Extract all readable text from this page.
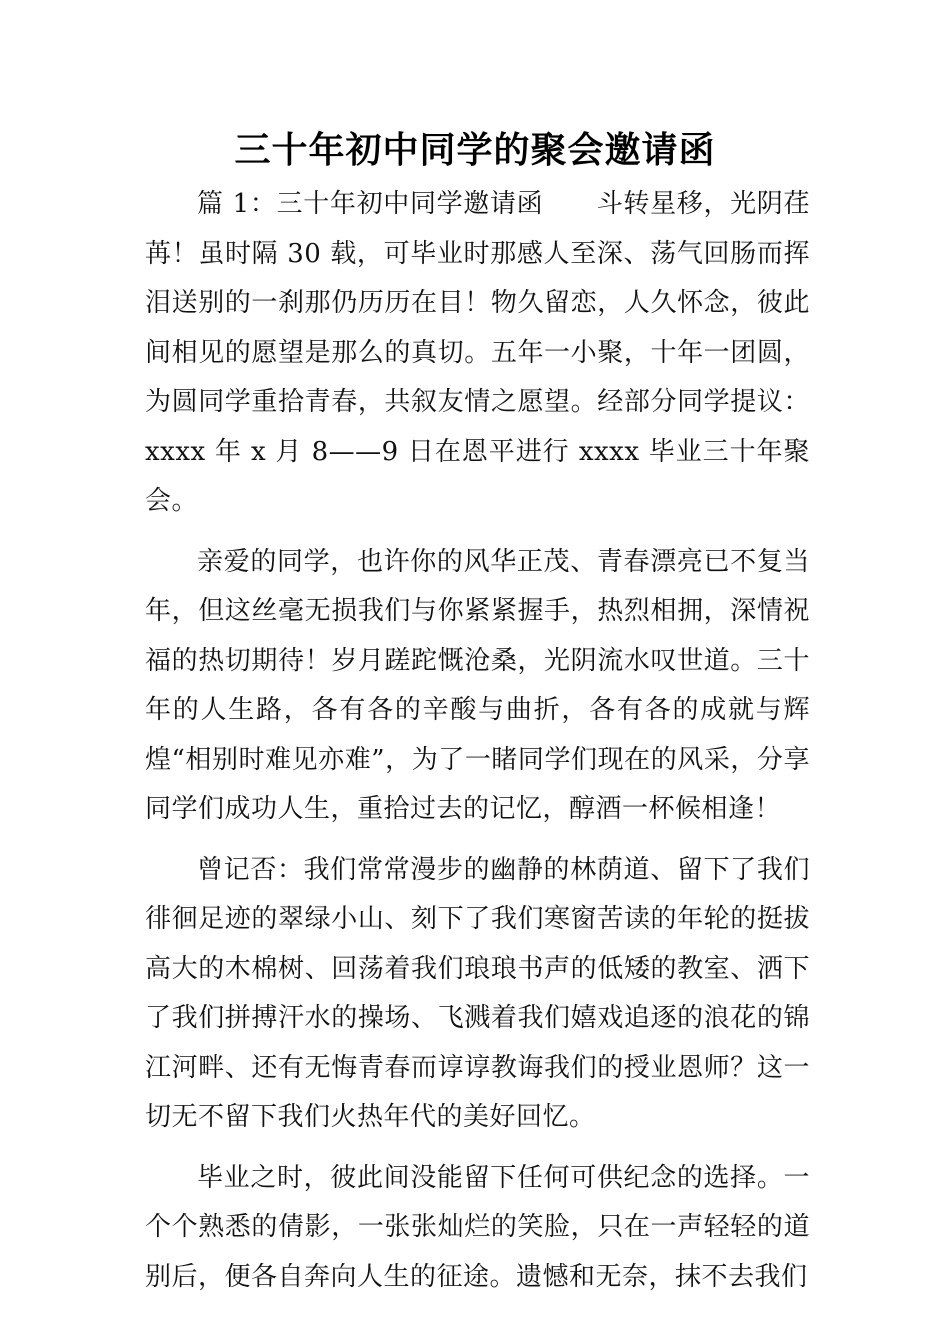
三十年初中同学的聚会邀请函

篇 1：三十年初中同学邀请函　　斗转星移，光阴荏苒！虽时隔 30 载，可毕业时那感人至深、荡气回肠而挥泪送别的一刹那仍历历在目！物久留恋，人久怀念，彼此间相见的愿望是那么的真切。五年一小聚，十年一团圆，为圆同学重拾青春，共叙友情之愿望。经部分同学提议：xxxx 年 x 月 8——9 日在恩平进行 xxxx 毕业三十年聚会。

亲爱的同学，也许你的风华正茂、青春漂亮已不复当年，但这丝毫无损我们与你紧紧握手，热烈相拥，深情祝福的热切期待！岁月蹉跎慨沧桑，光阴流水叹世道。三十年的人生路，各有各的辛酸与曲折，各有各的成就与辉煌“相别时难见亦难”，为了一睹同学们现在的风采，分享同学们成功人生，重拾过去的记忆，醇酒一杯候相逢！

曾记否：我们常常漫步的幽静的林荫道、留下了我们徘徊足迹的翠绿小山、刻下了我们寒窗苦读的年轮的挺拔高大的木棉树、回荡着我们琅琅书声的低矮的教室、洒下了我们拼搏汗水的操场、飞溅着我们嬉戏追逐的浪花的锦江河畔、还有无悔青春而谆谆教诲我们的授业恩师？这一切无不留下我们火热年代的美好回忆。

毕业之时，彼此间没能留下任何可供纪念的选择。一个个熟悉的倩影，一张张灿烂的笑脸，只在一声轻轻的道别后，便各自奔向人生的征途。遗憾和无奈，抹不去我们
